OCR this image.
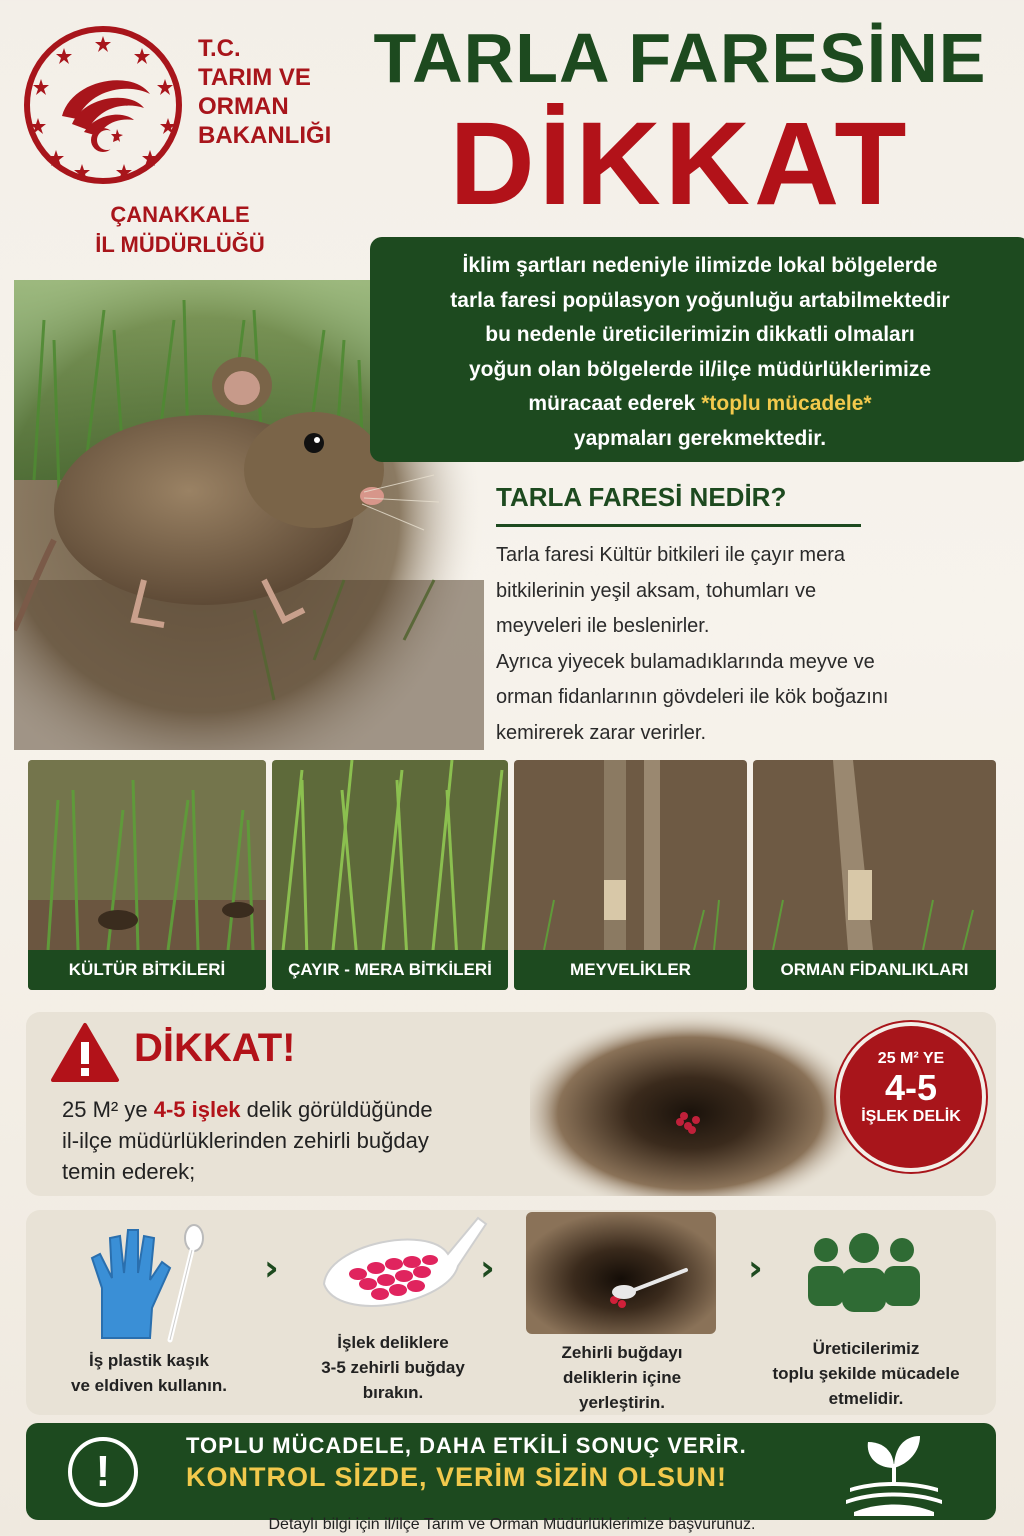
T.C.
TARIM VE
ORMAN
BAKANLIĞI
ÇANAKKALE
İL MÜDÜRLÜĞÜ
TARLA FARESİNE
DİKKAT
İklim şartları nedeniyle ilimizde lokal bölgelerde
tarla faresi popülasyon yoğunluğu artabilmektedir
bu nedenle üreticilerimizin dikkatli olmaları
yoğun olan bölgelerde il/ilçe müdürlüklerimize
müracaat ederek *toplu mücadele*
yapmaları gerekmektedir.
TARLA FARESİ NEDİR?
Tarla faresi Kültür bitkileri ile çayır mera
bitkilerinin yeşil aksam, tohumları ve
meyveleri ile beslenirler.
Ayrıca yiyecek bulamadıklarında meyve ve
orman fidanlarının gövdeleri ile kök boğazını
kemirerek zarar verirler.
KÜLTÜR BİTKİLERİ	ÇAYIR - MERA BİTKİLERİ	MEYVELİKLER	ORMAN FİDANLIKLARI
DİKKAT!
25 M² ye 4-5 işlek delik görüldüğünde
il-ilçe müdürlüklerinden zehirli buğday
temin ederek;
25 M² YE
4-5
İŞLEK DELİK
İş plastik kaşık
ve eldiven kullanın.
›
İşlek deliklere
3-5 zehirli buğday
bırakın.
›
Zehirli buğdayı
deliklerin içine
yerleştirin.
›
Üreticilerimiz
toplu şekilde mücadele
etmelidir.
!
TOPLU MÜCADELE, DAHA ETKİLİ SONUÇ VERİR.
KONTROL SİZDE, VERİM SİZİN OLSUN!
Detaylı bilgi için il/ilçe Tarım ve Orman Müdürlüklerimize başvurunuz.
